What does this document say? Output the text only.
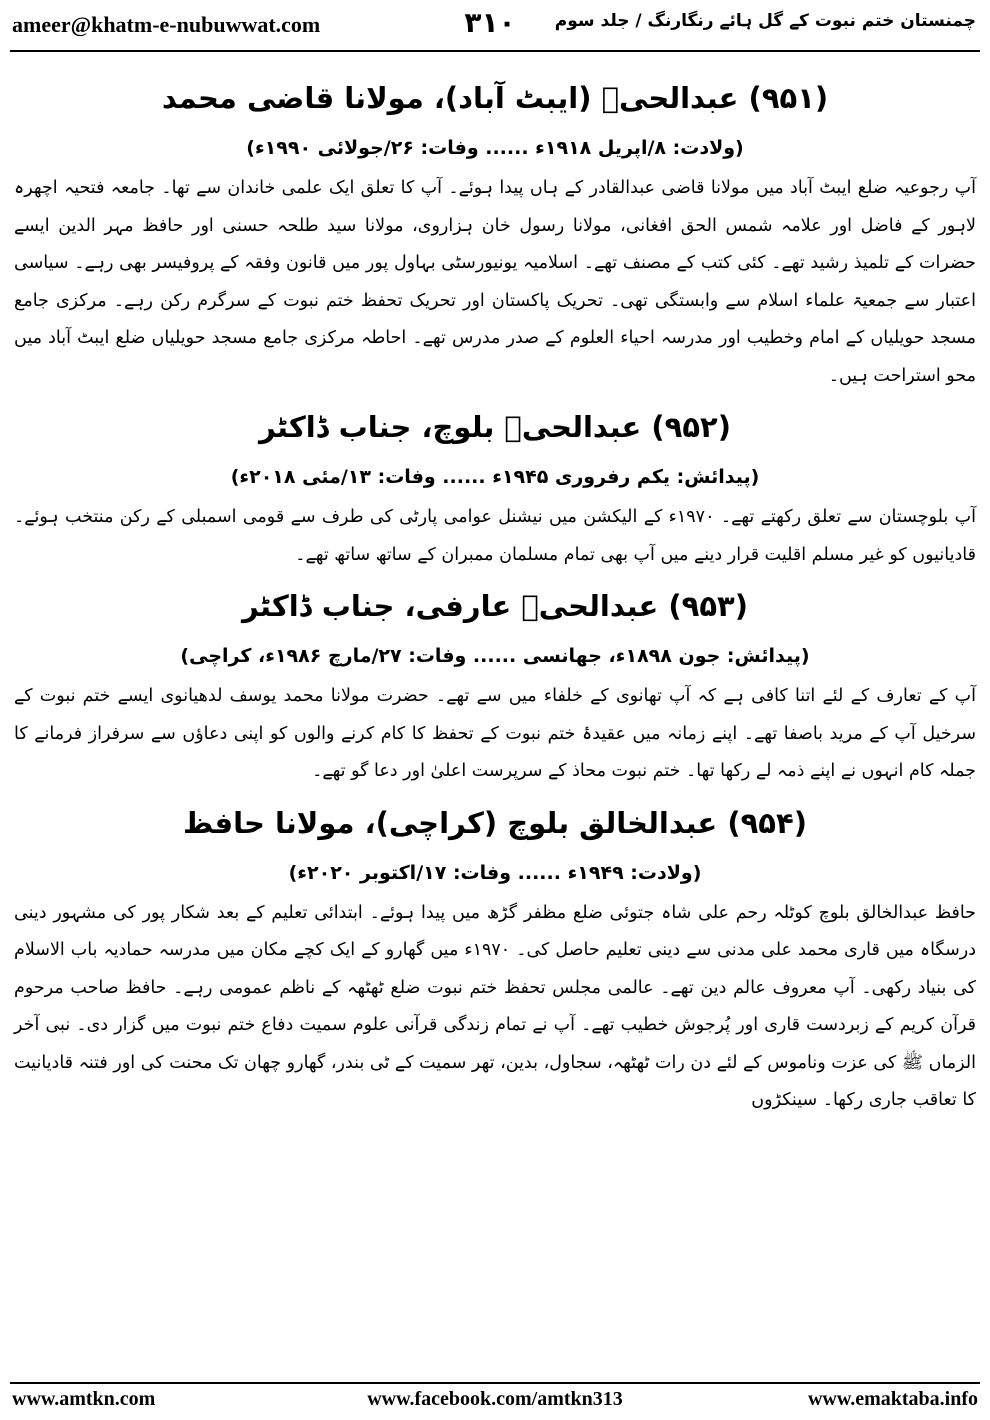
ameer@khatm-e-nubuwwat.com	۳۱۰	چمنستان ختم نبوت کے گل ہائے رنگارنگ / جلد سوم
(۹۵۱) عبدالحیؒ (ایبٹ آباد)، مولانا قاضی محمد
(ولادت: ۸/اپریل ۱۹۱۸ء ...... وفات: ۲۶/جولائی ۱۹۹۰ء)

آپ رجوعیہ ضلع ایبٹ آباد میں مولانا قاضی عبدالقادر کے ہاں پیدا ہوئے۔ آپ کا تعلق ایک علمی خاندان سے تھا۔ جامعہ فتحیہ اچھرہ لاہور کے فاضل اور علامہ شمس الحق افغانی، مولانا رسول خان ہزاروی، مولانا سید طلحہ حسنی اور حافظ مہر الدین ایسے حضرات کے تلمیذ رشید تھے۔ کئی کتب کے مصنف تھے۔ اسلامیہ یونیورسٹی بہاول پور میں قانون وفقہ کے پروفیسر بھی رہے۔ سیاسی اعتبار سے جمعیۃ علماء اسلام سے وابستگی تھی۔ تحریک پاکستان اور تحریک تحفظ ختم نبوت کے سرگرم رکن رہے۔ مرکزی جامع مسجد حویلیاں کے امام وخطیب اور مدرسہ احیاء العلوم کے صدر مدرس تھے۔ احاطہ مرکزی جامع مسجد حویلیاں ضلع ایبٹ آباد میں محو استراحت ہیں۔

(۹۵۲) عبدالحیؒ بلوچ، جناب ڈاکٹر
(پیدائش: یکم رفروری ۱۹۴۵ء ...... وفات: ۱۳/مئی ۲۰۱۸ء)

آپ بلوچستان سے تعلق رکھتے تھے۔ ۱۹۷۰ء کے الیکشن میں نیشنل عوامی پارٹی کی طرف سے قومی اسمبلی کے رکن منتخب ہوئے۔ قادیانیوں کو غیر مسلم اقلیت قرار دینے میں آپ بھی تمام مسلمان ممبران کے ساتھ ساتھ تھے۔

(۹۵۳) عبدالحیؒ عارفی، جناب ڈاکٹر
(پیدائش: جون ۱۸۹۸ء، جھانسی ...... وفات: ۲۷/مارچ ۱۹۸۶ء، کراچی)

آپ کے تعارف کے لئے اتنا کافی ہے کہ آپ تھانوی کے خلفاء میں سے تھے۔ حضرت مولانا محمد یوسف لدھیانوی ایسے ختم نبوت کے سرخیل آپ کے مرید باصفا تھے۔ اپنے زمانہ میں عقیدۂ ختم نبوت کے تحفظ کا کام کرنے والوں کو اپنی دعاؤں سے سرفراز فرمانے کا جملہ کام انہوں نے اپنے ذمہ لے رکھا تھا۔ ختم نبوت محاذ کے سرپرست اعلیٰ اور دعا گو تھے۔

(۹۵۴) عبدالخالق بلوچ (کراچی)، مولانا حافظ
(ولادت: ۱۹۴۹ء ...... وفات: ۱۷/اکتوبر ۲۰۲۰ء)

حافظ عبدالخالق بلوچ کوٹلہ رحم علی شاہ جتوئی ضلع مظفر گڑھ میں پیدا ہوئے۔ ابتدائی تعلیم کے بعد شکار پور کی مشہور دینی درسگاہ میں قاری محمد علی مدنی سے دینی تعلیم حاصل کی۔ ۱۹۷۰ء میں گھارو کے ایک کچے مکان میں مدرسہ حمادیہ باب الاسلام کی بنیاد رکھی۔ آپ معروف عالم دین تھے۔ عالمی مجلس تحفظ ختم نبوت ضلع ٹھٹھہ کے ناظم عمومی رہے۔ حافظ صاحب مرحوم قرآن کریم کے زبردست قاری اور پُرجوش خطیب تھے۔ آپ نے تمام زندگی قرآنی علوم سمیت دفاع ختم نبوت میں گزار دی۔ نبی آخر الزماں ﷺ کی عزت وناموس کے لئے دن رات ٹھٹھہ، سجاول، بدین، تھر سمیت کے ٹی بندر، گھارو چھان تک محنت کی اور فتنہ قادیانیت کا تعاقب جاری رکھا۔ سینکڑوں

www.amtkn.com	www.facebook.com/amtkn313	www.emaktaba.info
